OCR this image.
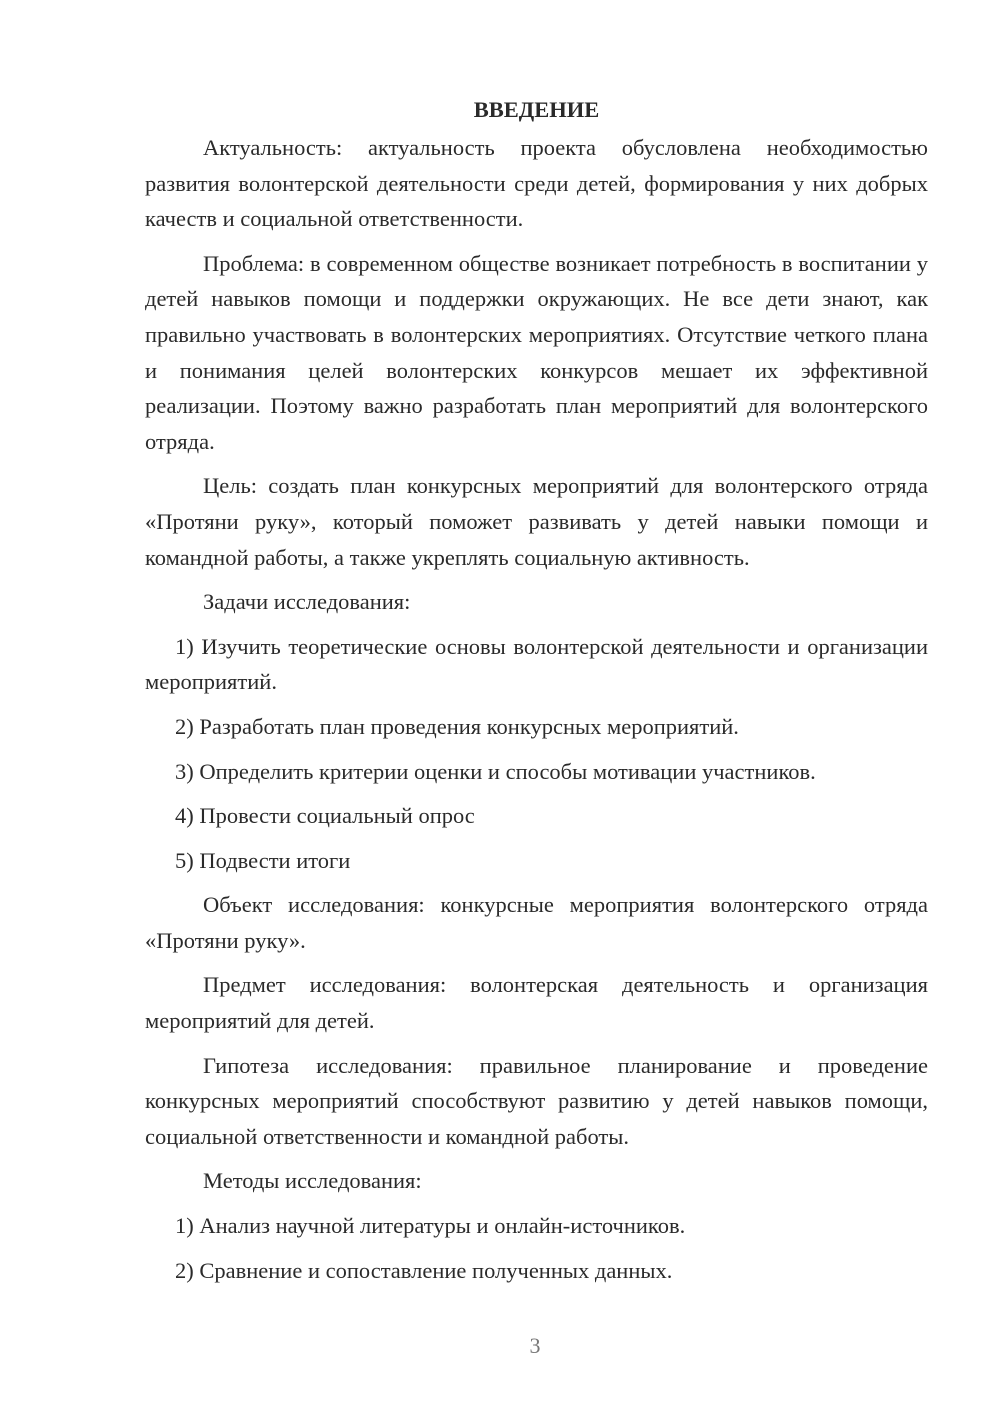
ВВЕДЕНИЕ

Актуальность: актуальность проекта обусловлена необходимостью развития волонтерской деятельности среди детей, формирования у них добрых качеств и социальной ответственности.

Проблема: в современном обществе возникает потребность в воспитании у детей навыков помощи и поддержки окружающих. Не все дети знают, как правильно участвовать в волонтерских мероприятиях. Отсутствие четкого плана и понимания целей волонтерских конкурсов мешает их эффективной реализации. Поэтому важно разработать план мероприятий для волонтерского отряда.

Цель: создать план конкурсных мероприятий для волонтерского отряда «Протяни руку», который поможет развивать у детей навыки помощи и командной работы, а также укреплять социальную активность.

Задачи исследования:

1) Изучить теоретические основы волонтерской деятельности и организации мероприятий.

2) Разработать план проведения конкурсных мероприятий.

3) Определить критерии оценки и способы мотивации участников.

4) Провести социальный опрос

5) Подвести итоги

Объект исследования: конкурсные мероприятия волонтерского отряда «Протяни руку».

Предмет исследования: волонтерская деятельность и организация мероприятий для детей.

Гипотеза исследования: правильное планирование и проведение конкурсных мероприятий способствуют развитию у детей навыков помощи, социальной ответственности и командной работы.

Методы исследования:

1) Анализ научной литературы и онлайн-источников.

2) Сравнение и сопоставление полученных данных.

3
